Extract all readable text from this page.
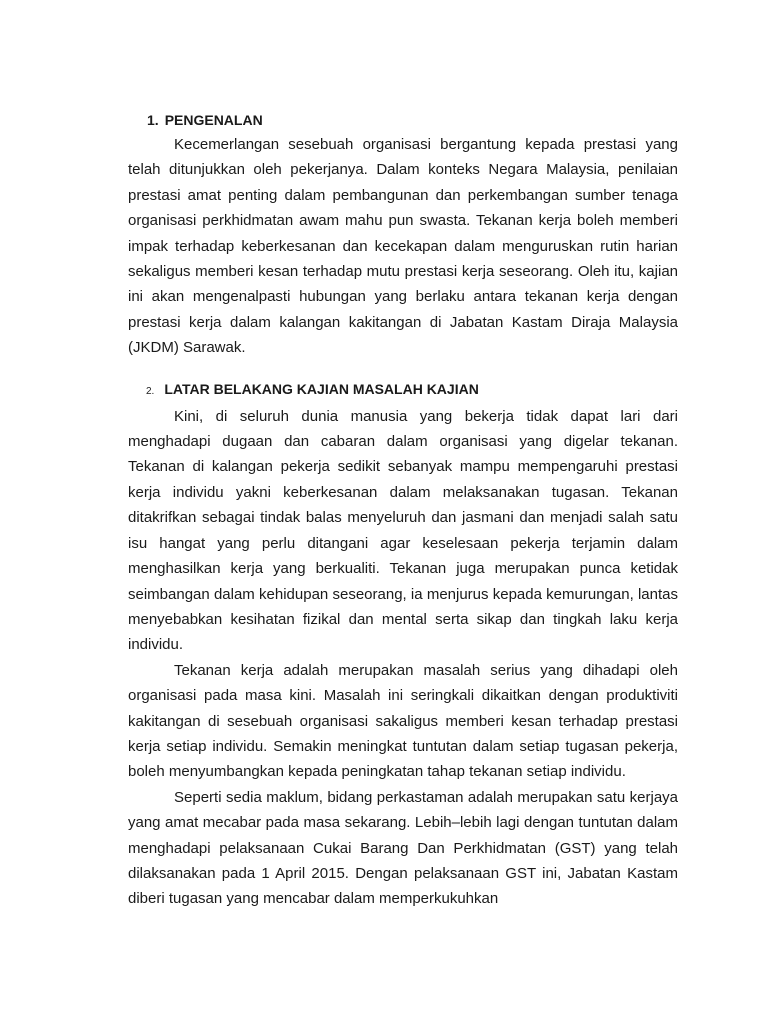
1. PENGENALAN

Kecemerlangan sesebuah organisasi bergantung kepada prestasi yang telah ditunjukkan oleh pekerjanya. Dalam konteks Negara Malaysia, penilaian prestasi amat penting dalam pembangunan dan perkembangan sumber tenaga organisasi perkhidmatan awam mahu pun swasta. Tekanan kerja boleh memberi impak terhadap keberkesanan dan kecekapan dalam menguruskan rutin harian sekaligus memberi kesan terhadap mutu prestasi kerja seseorang. Oleh itu, kajian ini akan mengenalpasti hubungan yang berlaku antara tekanan kerja dengan prestasi kerja dalam kalangan kakitangan di Jabatan Kastam Diraja Malaysia (JKDM) Sarawak.

2. LATAR BELAKANG KAJIAN MASALAH KAJIAN

Kini, di seluruh dunia manusia yang bekerja tidak dapat lari dari menghadapi dugaan dan cabaran dalam organisasi yang digelar tekanan. Tekanan di kalangan pekerja sedikit sebanyak mampu mempengaruhi prestasi kerja individu yakni keberkesanan dalam melaksanakan tugasan. Tekanan ditakrifkan sebagai tindak balas menyeluruh dan jasmani dan menjadi salah satu isu hangat yang perlu ditangani agar keselesaan pekerja terjamin dalam menghasilkan kerja yang berkualiti. Tekanan juga merupakan punca ketidak seimbangan dalam kehidupan seseorang, ia menjurus kepada kemurungan, lantas menyebabkan kesihatan fizikal dan mental serta sikap dan tingkah laku kerja individu.

Tekanan kerja adalah merupakan masalah serius yang dihadapi oleh organisasi pada masa kini. Masalah ini seringkali dikaitkan dengan produktiviti kakitangan di sesebuah organisasi sakaligus memberi kesan terhadap prestasi kerja setiap individu. Semakin meningkat tuntutan dalam setiap tugasan pekerja, boleh menyumbangkan kepada peningkatan tahap tekanan setiap individu.

Seperti sedia maklum, bidang perkastaman adalah merupakan satu kerjaya yang amat mecabar pada masa sekarang. Lebih–lebih lagi dengan tuntutan dalam menghadapi pelaksanaan Cukai Barang Dan Perkhidmatan (GST) yang telah dilaksanakan pada 1 April 2015. Dengan pelaksanaan GST ini, Jabatan Kastam diberi tugasan yang mencabar dalam memperkukuhkan
